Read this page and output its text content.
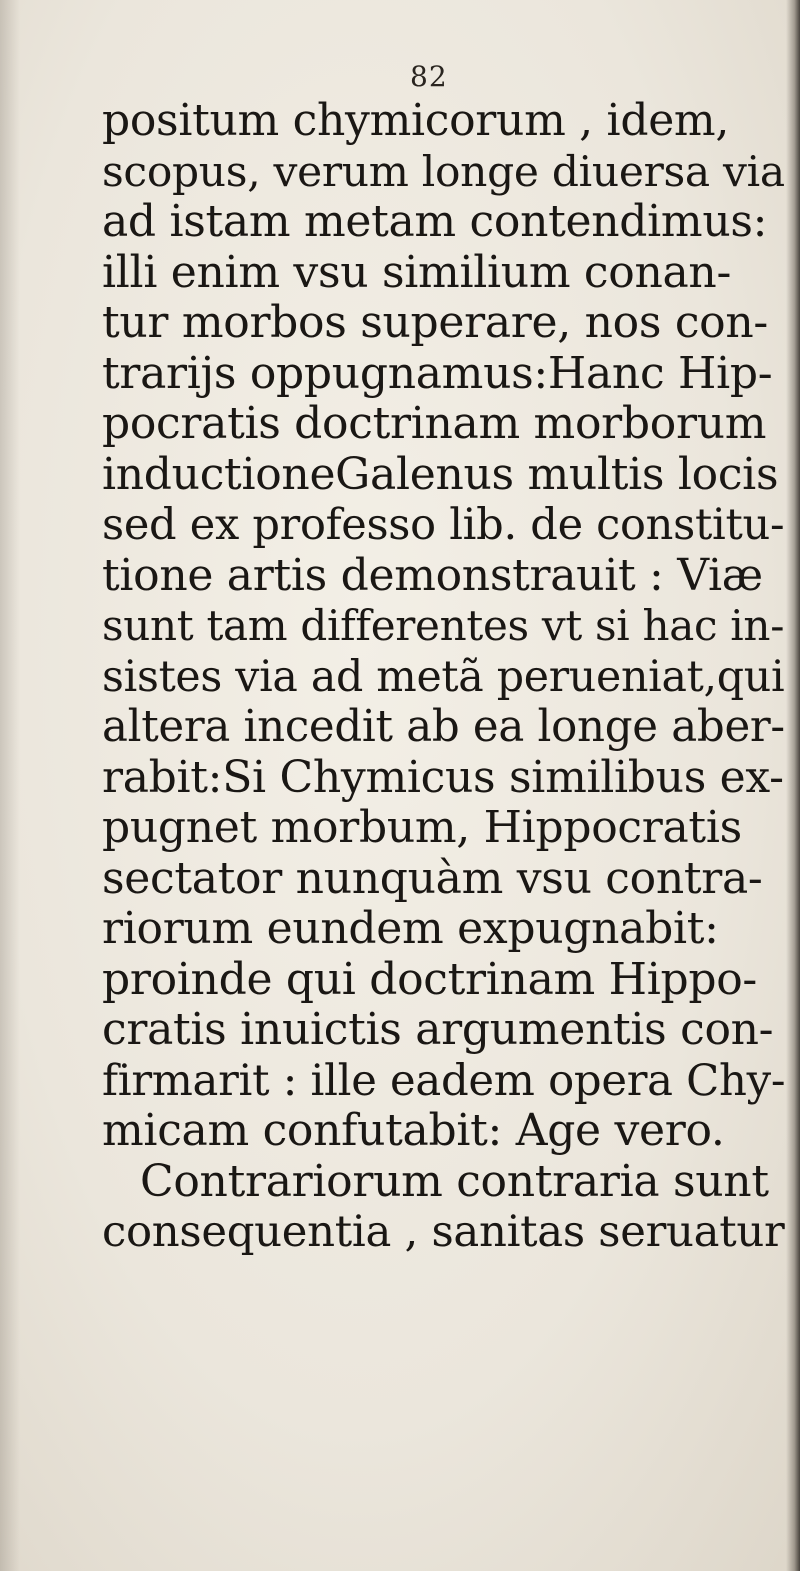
82
positum chymicorum , idem,
scopus, verum longe diuersa via
ad istam metam contendimus:
illi enim vsu similium conan-
tur morbos superare, nos con-
trarijs oppugnamus:Hanc Hip-
pocratis doctrinam morborum
inductioneGalenus multis locis
sed ex professo lib. de constitu-
tione artis demonstrauit : Viæ
sunt tam differentes vt si hac in-
sistes via ad metã perueniat,qui
altera incedit ab ea longe aber-
rabit:Si Chymicus similibus ex-
pugnet morbum, Hippocratis
sectator nunquàm vsu contra-
riorum eundem expugnabit:
proinde qui doctrinam Hippo-
cratis inuictis argumentis con-
firmarit : ille eadem opera Chy-
micam confutabit: Age vero.
Contrariorum contraria sunt
consequentia , sanitas seruatur
